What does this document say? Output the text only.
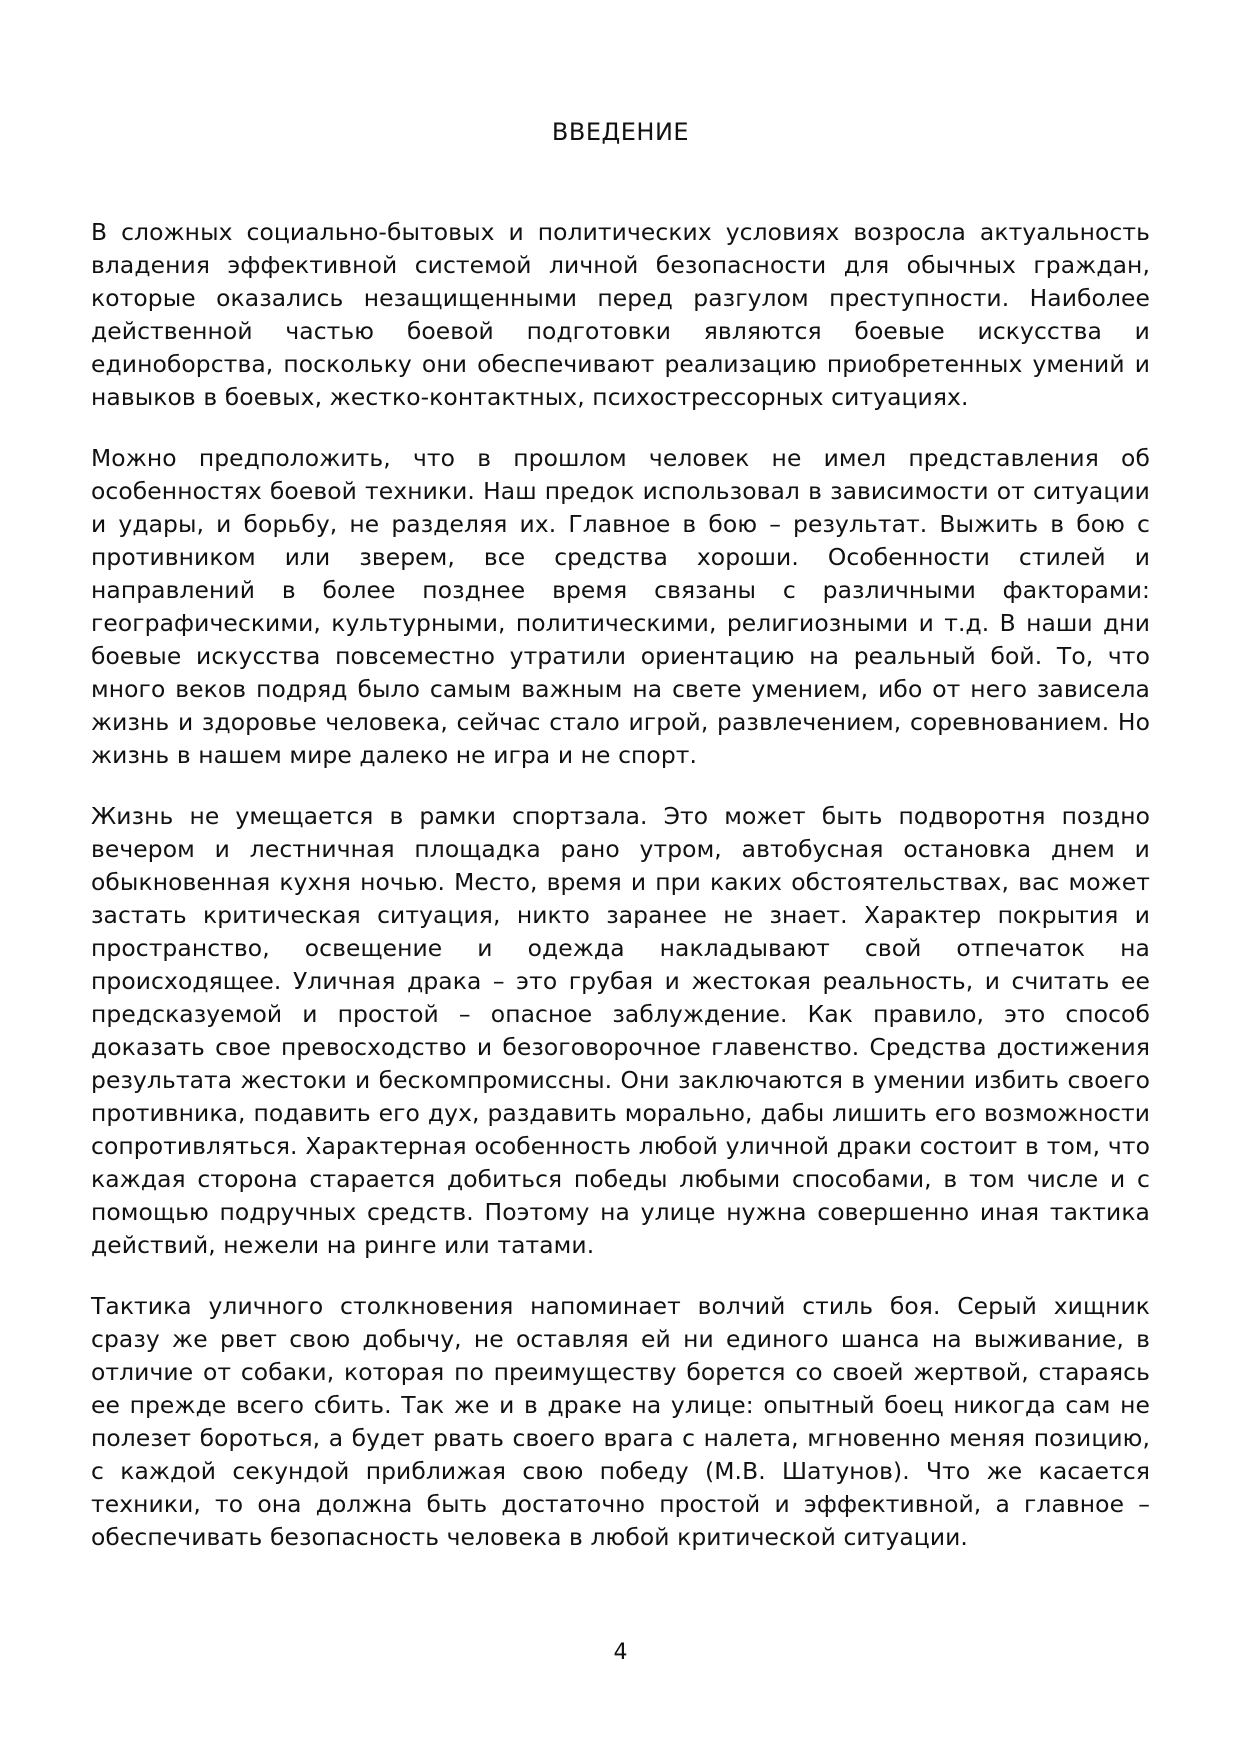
ВВЕДЕНИЕ

В сложных социально-бытовых и политических условиях возросла актуальность владения эффективной системой личной безопасности для обычных граждан, которые оказались незащищенными перед разгулом преступности. Наиболее действенной частью боевой подготовки являются боевые искусства и единоборства, поскольку они обеспечивают реализацию приобретенных умений и навыков в боевых, жестко-контактных, психострессорных ситуациях.

Можно предположить, что в прошлом человек не имел представления об особенностях боевой техники. Наш предок использовал в зависимости от ситуации и удары, и борьбу, не разделяя их. Главное в бою – результат. Выжить в бою с противником или зверем, все средства хороши. Особенности стилей и направлений в более позднее время связаны с различными факторами: географическими, культурными, политическими, религиозными и т.д. В наши дни боевые искусства повсеместно утратили ориентацию на реальный бой. То, что много веков подряд было самым важным на свете умением, ибо от него зависела жизнь и здоровье человека, сейчас стало игрой, развлечением, соревнованием. Но жизнь в нашем мире далеко не игра и не спорт.

Жизнь не умещается в рамки спортзала. Это может быть подворотня поздно вечером и лестничная площадка рано утром, автобусная остановка днем и обыкновенная кухня ночью. Место, время и при каких обстоятельствах, вас может застать критическая ситуация, никто заранее не знает. Характер покрытия и пространство, освещение и одежда накладывают свой отпечаток на происходящее. Уличная драка – это грубая и жестокая реальность, и считать ее предсказуемой и простой – опасное заблуждение. Как правило, это способ доказать свое превосходство и безоговорочное главенство. Средства достижения результата жестоки и бескомпромиссны. Они заключаются в умении избить своего противника, подавить его дух, раздавить морально, дабы лишить его возможности сопротивляться. Характерная особенность любой уличной драки состоит в том, что каждая сторона старается добиться победы любыми способами, в том числе и с помощью подручных средств. Поэтому на улице нужна совершенно иная тактика действий, нежели на ринге или татами.

Тактика уличного столкновения напоминает волчий стиль боя. Серый хищник сразу же рвет свою добычу, не оставляя ей ни единого шанса на выживание, в отличие от собаки, которая по преимуществу борется со своей жертвой, стараясь ее прежде всего сбить. Так же и в драке на улице: опытный боец никогда сам не полезет бороться, а будет рвать своего врага с налета, мгновенно меняя позицию, с каждой секундой приближая свою победу (М.В. Шатунов). Что же касается техники, то она должна быть достаточно простой и эффективной, а главное – обеспечивать безопасность человека в любой критической ситуации.

4
